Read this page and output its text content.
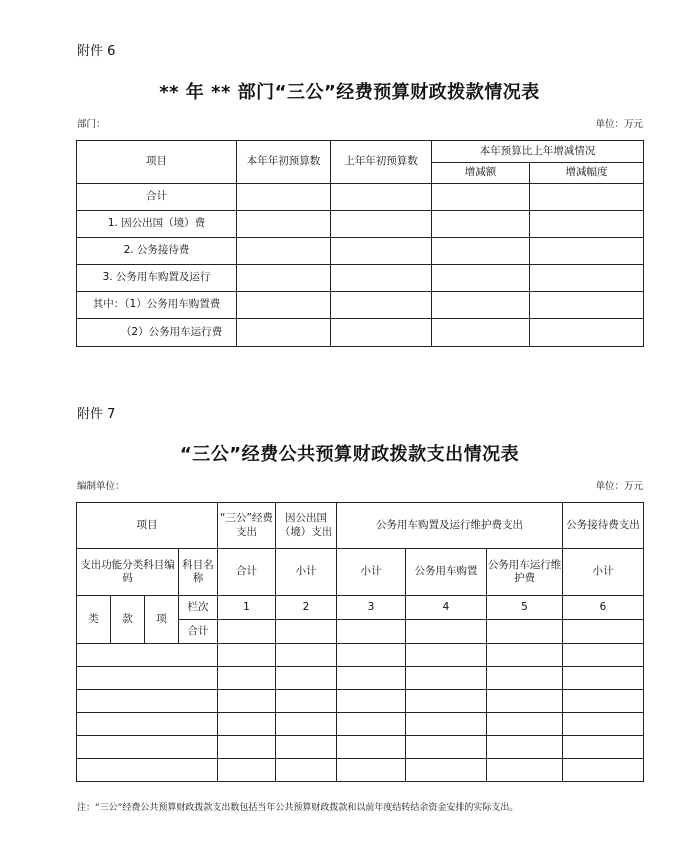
附件 6
** 年 ** 部门“三公”经费预算财政拨款情况表
部门：	单位：万元
项目	本年年初预算数	上年年初预算数	本年预算比上年增减情况	
			增减额	增减幅度
合计				
1. 因公出国（境）费				
2. 公务接待费				
3. 公务用车购置及运行				
其中：（1）公务用车购置费				
（2）公务用车运行费				
附件 7
“三公”经费公共预算财政拨款支出情况表
编制单位：	单位：万元
项目				“三公”经费支出	因公出国（境）支出	公务用车购置及运行维护费支出			公务接待费支出
支出功能分类科目编码			科目名称	合计	小计	小计	公务用车购置	公务用车运行维护费	小计
类	款	项	栏次	1	2	3	4	5	6
			合计						

注：“三公”经费公共预算财政拨款支出数包括当年公共预算财政拨款和以前年度结转结余资金安排的实际支出。
